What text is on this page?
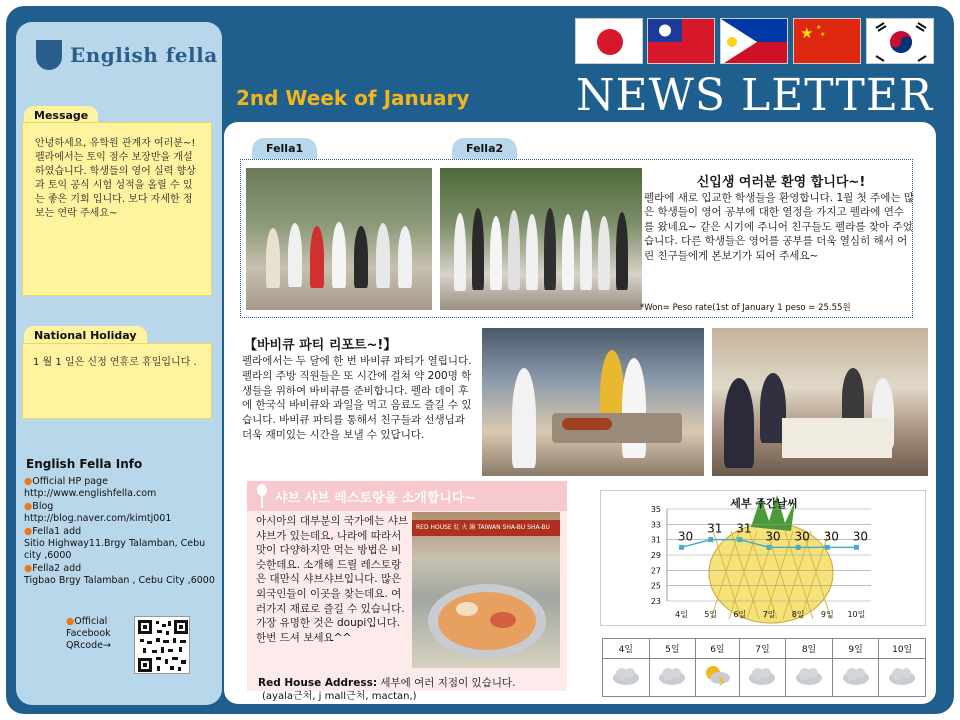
English fella
Message
안녕하세요, 유학원 관계자 여러분~! 펠라에서는 토익 점수 보장반을 개설하였습니다. 학생들의 영어 실력 향상과 토익 공식 시험 성적을 올릴 수 있는 좋은 기회 입니다. 보다 자세한 정보는 연락 주세요~
National Holiday
1 월 1 일은 신정 연휴로 휴일입니다 .
English Fella Info
●Official HP page
http://www.englishfella.com
●Blog
http://blog.naver.com/kimtj001
●Fella1 add
Sitio Highway11.Brgy Talamban, Cebu city ,6000
●Fella2 add
Tigbao Brgy Talamban , Cebu City ,6000
●Official Facebook QRcode→
2nd Week of January
★ ★
★
NEWS LETTER
Fella1	Fella2
신입생 여러분 환영 합니다~!
펠라에 새로 입교한 학생들을 환영합니다. 1월 첫 주에는 많은 학생들이 영어 공부에 대한 열정을 가지고 펠라에 연수를 왔네요~ 같은 시기에 주니어 친구들도 펠라를 찾아 주었습니다. 다른 학생들은 영어를 공부를 더욱 열심히 해서 어린 친구들에게 본보기가 되어 주세요~
*Won= Peso rate(1st of January 1 peso = 25.55원
【바비큐 파티 리포트~!】
펠라에서는 두 달에 한 번 바비큐 파티가 열립니다. 펠라의 주방 직원들은 또 시간에 걸쳐 약 200명 학생들을 위하여 바비큐를 준비합니다. 펠라 데이 후에 한국식 바비큐와 과일을 먹고 음료도 즐길 수 있습니다. 바비큐 파티를 통해서 친구들과 선생님과 더욱 재미있는 시간을 보낼 수 있답니다.
샤브 샤브 레스토랑을 소개합니다~
아시아의 대부분의 국가에는 샤브 샤브가 있는데요, 나라에 따라서 맛이 다양하지만 먹는 방법은 비슷한데요. 소개해 드릴 레스토랑은 대만식 샤브샤브입니다. 많은 외국인들이 이곳을 찾는데요. 여러가지 재료로 즐길 수 있습니다. 가장 유명한 것은 doupi입니다. 한번 드셔 보세요^^
RED HOUSE 紅 火 鍋 TAIWAN SHA-BU SHA-BU
Red House Address: 세부에 여러 지점이 있습니다.
(ayala근처, j mall근처, mactan,)
세부 주간날씨
23
25
27
29
31
33
35
4일 5일 6일 7일 8일 9일 10일
30
31 31
30 30 30 30
4일	5일	6일	7일	8일	9일	10일
